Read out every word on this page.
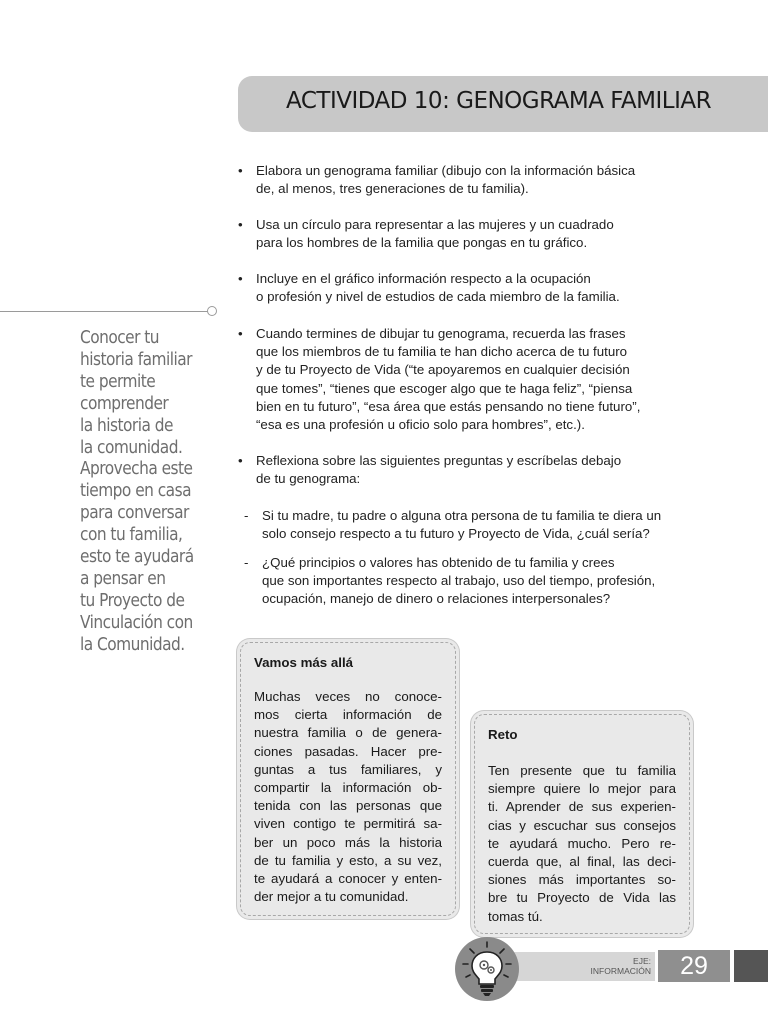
ACTIVIDAD 10: GENOGRAMA FAMILIAR
Conocer tu
historia familiar
te permite
comprender
la historia de
la comunidad.
Aprovecha este
tiempo en casa
para conversar
con tu familia,
esto te ayudará
a pensar en
tu Proyecto de
Vinculación con
la Comunidad.
• Elabora un genograma familiar (dibujo con la información básica
de, al menos, tres generaciones de tu familia).
• Usa un círculo para representar a las mujeres y un cuadrado
para los hombres de la familia que pongas en tu gráfico.
• Incluye en el gráfico información respecto a la ocupación
o profesión y nivel de estudios de cada miembro de la familia.
• Cuando termines de dibujar tu genograma, recuerda las frases
que los miembros de tu familia te han dicho acerca de tu futuro
y de tu Proyecto de Vida (“te apoyaremos en cualquier decisión
que tomes”, “tienes que escoger algo que te haga feliz”, “piensa
bien en tu futuro”, “esa área que estás pensando no tiene futuro”,
“esa es una profesión u oficio solo para hombres”, etc.).
• Reflexiona sobre las siguientes preguntas y escríbelas debajo
de tu genograma:
- Si tu madre, tu padre o alguna otra persona de tu familia te diera un
solo consejo respecto a tu futuro y Proyecto de Vida, ¿cuál sería?
- ¿Qué principios o valores has obtenido de tu familia y crees
que son importantes respecto al trabajo, uso del tiempo, profesión,
ocupación, manejo de dinero o relaciones interpersonales?
Vamos más allá
Muchas veces no conoce-
mos cierta información de
nuestra familia o de genera-
ciones pasadas. Hacer pre-
guntas a tus familiares, y
compartir la información ob-
tenida con las personas que
viven contigo te permitirá sa-
ber un poco más la historia
de tu familia y esto, a su vez,
te ayudará a conocer y enten-
der mejor a tu comunidad.
Reto
Ten presente que tu familia
siempre quiere lo mejor para
ti. Aprender de sus experien-
cias y escuchar sus consejos
te ayudará mucho. Pero re-
cuerda que, al final, las deci-
siones más importantes so-
bre tu Proyecto de Vida las
tomas tú.
EJE:
INFORMACIÓN	29
